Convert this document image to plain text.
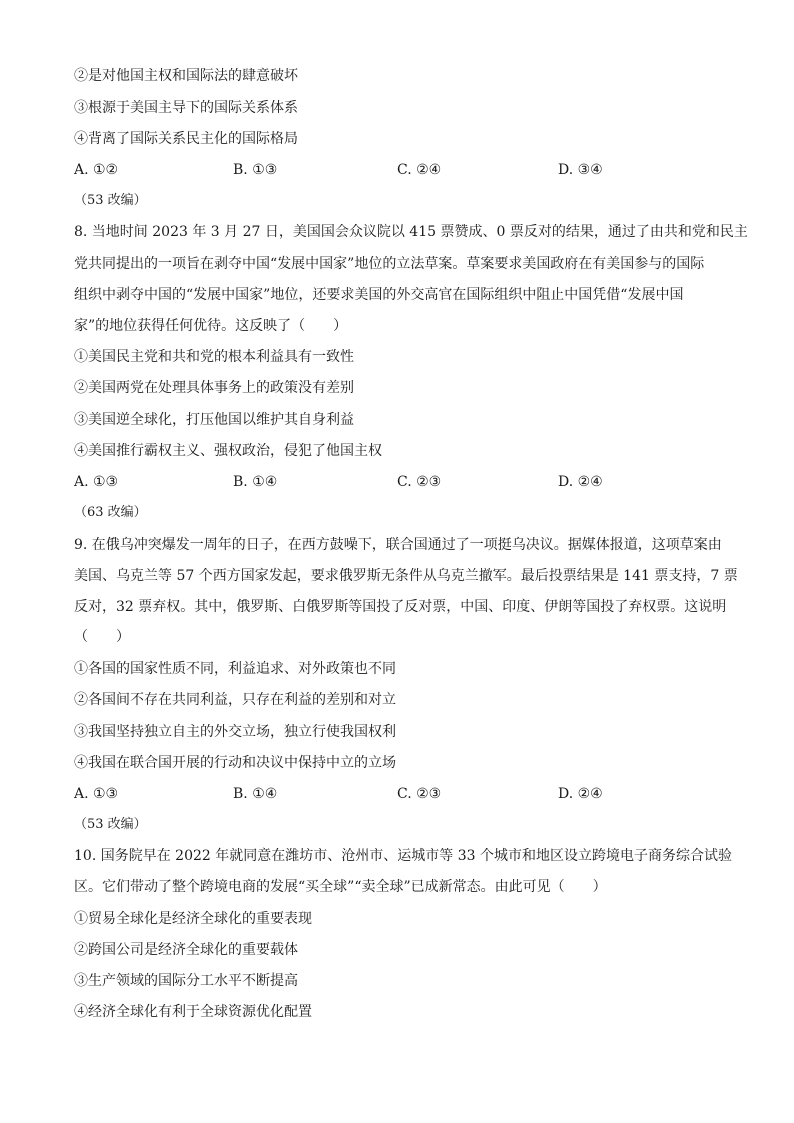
②是对他国主权和国际法的肆意破坏
③根源于美国主导下的国际关系体系
④背离了国际关系民主化的国际格局
A. ①②	B. ①③	C. ②④	D. ③④
（53 改编）
8. 当地时间 2023 年 3 月 27 日，美国国会众议院以 415 票赞成、0 票反对的结果，通过了由共和党和民主
党共同提出的一项旨在剥夺中国“发展中国家”地位的立法草案。草案要求美国政府在有美国参与的国际
组织中剥夺中国的“发展中国家”地位，还要求美国的外交高官在国际组织中阻止中国凭借“发展中国
家”的地位获得任何优待。这反映了（　　）
①美国民主党和共和党的根本利益具有一致性
②美国两党在处理具体事务上的政策没有差别
③美国逆全球化，打压他国以维护其自身利益
④美国推行霸权主义、强权政治，侵犯了他国主权
A. ①③	B. ①④	C. ②③	D. ②④
（63 改编）
9. 在俄乌冲突爆发一周年的日子，在西方鼓噪下，联合国通过了一项挺乌决议。据媒体报道，这项草案由
美国、乌克兰等 57 个西方国家发起，要求俄罗斯无条件从乌克兰撤军。最后投票结果是 141 票支持，7 票
反对，32 票弃权。其中，俄罗斯、白俄罗斯等国投了反对票，中国、印度、伊朗等国投了弃权票。这说明
（　　）
①各国的国家性质不同，利益追求、对外政策也不同
②各国间不存在共同利益，只存在利益的差别和对立
③我国坚持独立自主的外交立场，独立行使我国权利
④我国在联合国开展的行动和决议中保持中立的立场
A. ①③	B. ①④	C. ②③	D. ②④
（53 改编）
10. 国务院早在 2022 年就同意在潍坊市、沧州市、运城市等 33 个城市和地区设立跨境电子商务综合试验
区。它们带动了整个跨境电商的发展“买全球”“卖全球”已成新常态。由此可见（　　）
①贸易全球化是经济全球化的重要表现
②跨国公司是经济全球化的重要载体
③生产领域的国际分工水平不断提高
④经济全球化有利于全球资源优化配置
